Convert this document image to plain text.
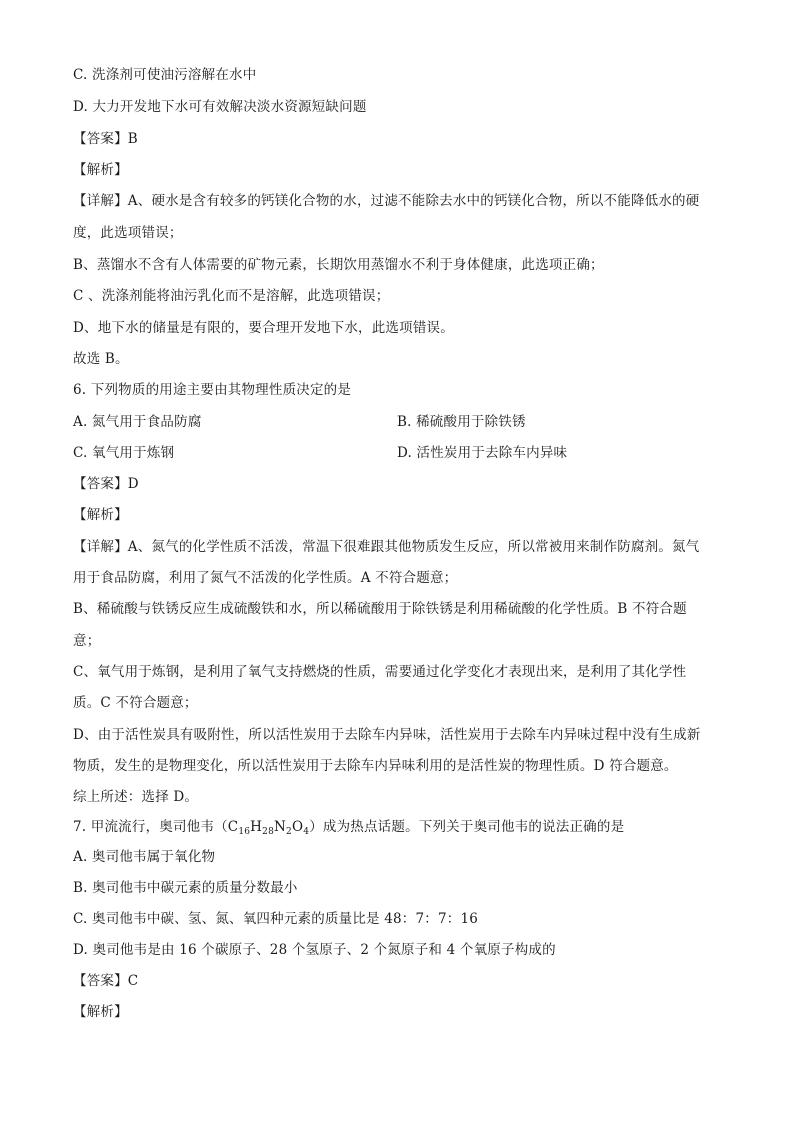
C. 洗涤剂可使油污溶解在水中
D. 大力开发地下水可有效解决淡水资源短缺问题
【答案】B
【解析】
【详解】A、硬水是含有较多的钙镁化合物的水，过滤不能除去水中的钙镁化合物，所以不能降低水的硬
度，此选项错误；
B、蒸馏水不含有人体需要的矿物元素，长期饮用蒸馏水不利于身体健康，此选项正确；
C 、洗涤剂能将油污乳化而不是溶解，此选项错误；
D、地下水的储量是有限的，要合理开发地下水，此选项错误。
故选 B。
6. 下列物质的用途主要由其物理性质决定的是
A. 氮气用于食品防腐	B. 稀硫酸用于除铁锈
C. 氧气用于炼钢	D. 活性炭用于去除车内异味
【答案】D
【解析】
【详解】A、氮气的化学性质不活泼，常温下很难跟其他物质发生反应，所以常被用来制作防腐剂。氮气
用于食品防腐，利用了氮气不活泼的化学性质。A 不符合题意；
B、稀硫酸与铁锈反应生成硫酸铁和水，所以稀硫酸用于除铁锈是利用稀硫酸的化学性质。B 不符合题
意；
C、氧气用于炼钢，是利用了氧气支持燃烧的性质，需要通过化学变化才表现出来，是利用了其化学性
质。C 不符合题意；
D、由于活性炭具有吸附性，所以活性炭用于去除车内异味，活性炭用于去除车内异味过程中没有生成新
物质，发生的是物理变化，所以活性炭用于去除车内异味利用的是活性炭的物理性质。D 符合题意。
综上所述：选择 D。
7. 甲流流行，奥司他韦$(C_{16}H_{28}N_2O_4)$成为热点话题。下列关于奥司他韦的说法正确的是
A. 奥司他韦属于氧化物
B. 奥司他韦中碳元素的质量分数最小
C. 奥司他韦中碳、氢、氮、氧四种元素的质量比是 48：7：7：16
D. 奥司他韦是由 16 个碳原子、28 个氢原子、2 个氮原子和 4 个氧原子构成的
【答案】C
【解析】
